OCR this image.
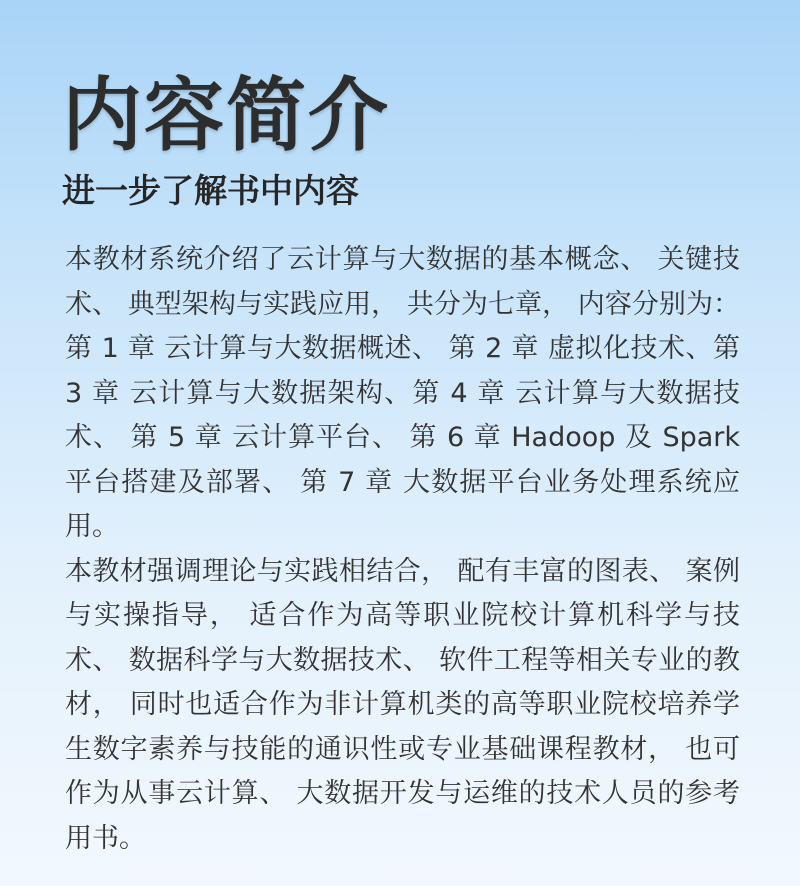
内容简介
进一步了解书中内容

本教材系统介绍了云计算与大数据的基本概念、 关键技术、 典型架构与实践应用， 共分为七章， 内容分别为： 第 1 章 云计算与大数据概述、 第 2 章 虚拟化技术、第 3 章 云计算与大数据架构、第 4 章 云计算与大数据技术、 第 5 章 云计算平台、 第 6 章 Hadoop 及 Spark 平台搭建及部署、 第 7 章 大数据平台业务处理系统应用。

本教材强调理论与实践相结合， 配有丰富的图表、 案例与实操指导， 适合作为高等职业院校计算机科学与技术、 数据科学与大数据技术、 软件工程等相关专业的教材， 同时也适合作为非计算机类的高等职业院校培养学生数字素养与技能的通识性或专业基础课程教材， 也可作为从事云计算、 大数据开发与运维的技术人员的参考用书。
